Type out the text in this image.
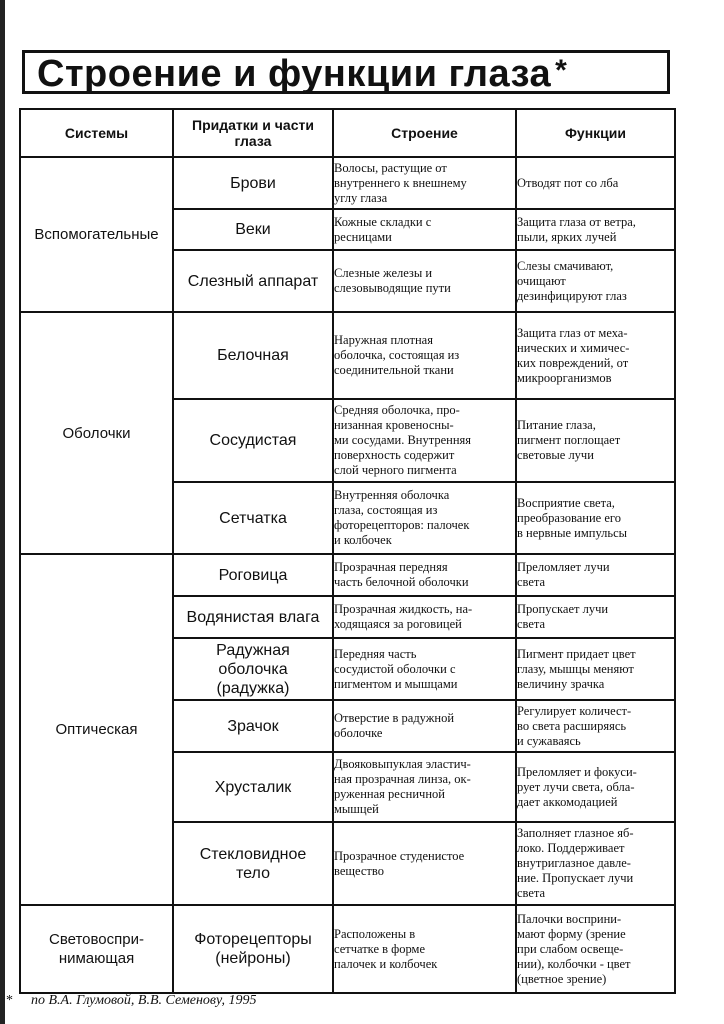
Строение и функции глаза *
Системы	Придатки и части
глаза	Строение	Функции
Вспомогательные	Брови	Волосы, растущие от
внутреннего к внешнему
углу глаза	Отводят пот со лба
	Веки	Кожные складки с
ресницами	Защита глаза от ветра,
пыли, ярких лучей
	Слезный аппарат	Слезные железы и
слезовыводящие пути	Слезы смачивают,
очищают
дезинфицируют глаз
Оболочки	Белочная	Наружная плотная
оболочка, состоящая из
соединительной ткани	Защита глаз от меха-
нических и химичес-
ких повреждений, от
микроорганизмов
	Сосудистая	Средняя оболочка, про-
низанная кровеносны-
ми сосудами. Внутренняя
поверхность содержит
слой черного пигмента	Питание глаза,
пигмент поглощает
световые лучи
	Сетчатка	Внутренняя оболочка
глаза, состоящая из
фоторецепторов: палочек
и колбочек	Восприятие света,
преобразование его
в нервные импульсы
Оптическая	Роговица	Прозрачная передняя
часть белочной оболочки	Преломляет лучи
света
	Водянистая влага	Прозрачная жидкость, на-
ходящаяся за роговицей	Пропускает лучи
света
	Радужная
оболочка
(радужка)	Передняя часть
сосудистой оболочки с
пигментом и мышцами	Пигмент придает цвет
глазу, мышцы меняют
величину зрачка
	Зрачок	Отверстие в радужной
оболочке	Регулирует количест-
во света расширяясь
и сужаваясь
	Хрусталик	Двояковыпуклая эластич-
ная прозрачная линза, ок-
руженная ресничной
мышцей	Преломляет и фокуси-
рует лучи света, обла-
дает аккомодацией
	Стекловидное
тело	Прозрачное студенистое
вещество	Заполняет глазное яб-
локо. Поддерживает
внутриглазное давле-
ние. Пропускает лучи
света
Световоспри-
нимающая	Фоторецепторы
(нейроны)	Расположены в
сетчатке в форме
палочек и колбочек	Палочки восприни-
мают форму (зрение
при слабом освеще-
нии), колбочки - цвет
(цветное зрение)
* по В.А. Глумовой, В.В. Семенову, 1995
